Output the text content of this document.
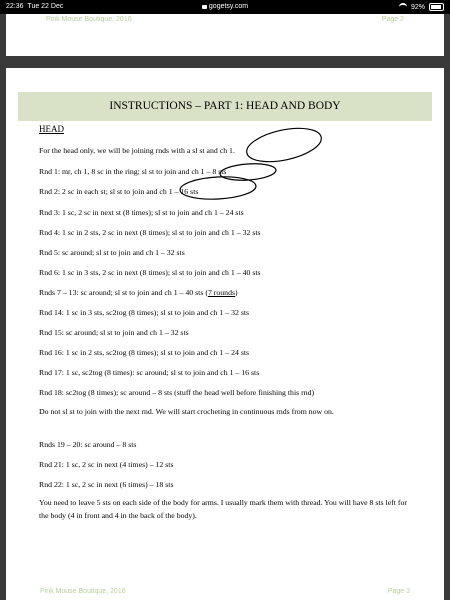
22:36 Tue 22 Dec	gogetsy.com	92%
Pink Mouse Boutique, 2016	Page 2
INSTRUCTIONS – PART 1: HEAD AND BODY
HEAD
For the head only, we will be joining rnds with a sl st and ch 1.
Rnd 1: mr, ch 1, 8 sc in the ring; sl st to join and ch 1 – 8 sts
Rnd 2: 2 sc in each st; sl st to join and ch 1 – 16 sts
Rnd 3: 1 sc, 2 sc in next st (8 times); sl st to join and ch 1 – 24 sts
Rnd 4: 1 sc in 2 sts, 2 sc in next (8 times); sl st to join and ch 1 – 32 sts
Rnd 5: sc around; sl st to join and ch 1 – 32 sts
Rnd 6: 1 sc in 3 sts, 2 sc in next (8 times); sl st to join and ch 1 – 40 sts
Rnds 7 – 13: sc around; sl st to join and ch 1 – 40 sts (7 rounds)
Rnd 14: 1 sc in 3 sts, sc2tog (8 times); sl st to join and ch 1 – 32 sts
Rnd 15: sc around; sl st to join and ch 1 – 32 sts
Rnd 16: 1 sc in 2 sts, sc2tog (8 times); sl st to join and ch 1 – 24 sts
Rnd 17: 1 sc, sc2tog (8 times): sc around; sl st to join and ch 1 – 16 sts
Rnd 18: sc2tog (8 times); sc around – 8 sts (stuff the head well before finishing this rnd)
Do not sl st to join with the next rnd. We will start crocheting in continuous rnds from now on.
Rnds 19 – 20: sc around – 8 sts
Rnd 21: 1 sc, 2 sc in next (4 times) – 12 sts
Rnd 22: 1 sc, 2 sc in next (6 times) – 18 sts
You need to leave 5 sts on each side of the body for arms. I usually mark them with thread. You will have 8 sts left for the body (4 in front and 4 in the back of the body).
Pink Mouse Boutique, 2016	Page 3
